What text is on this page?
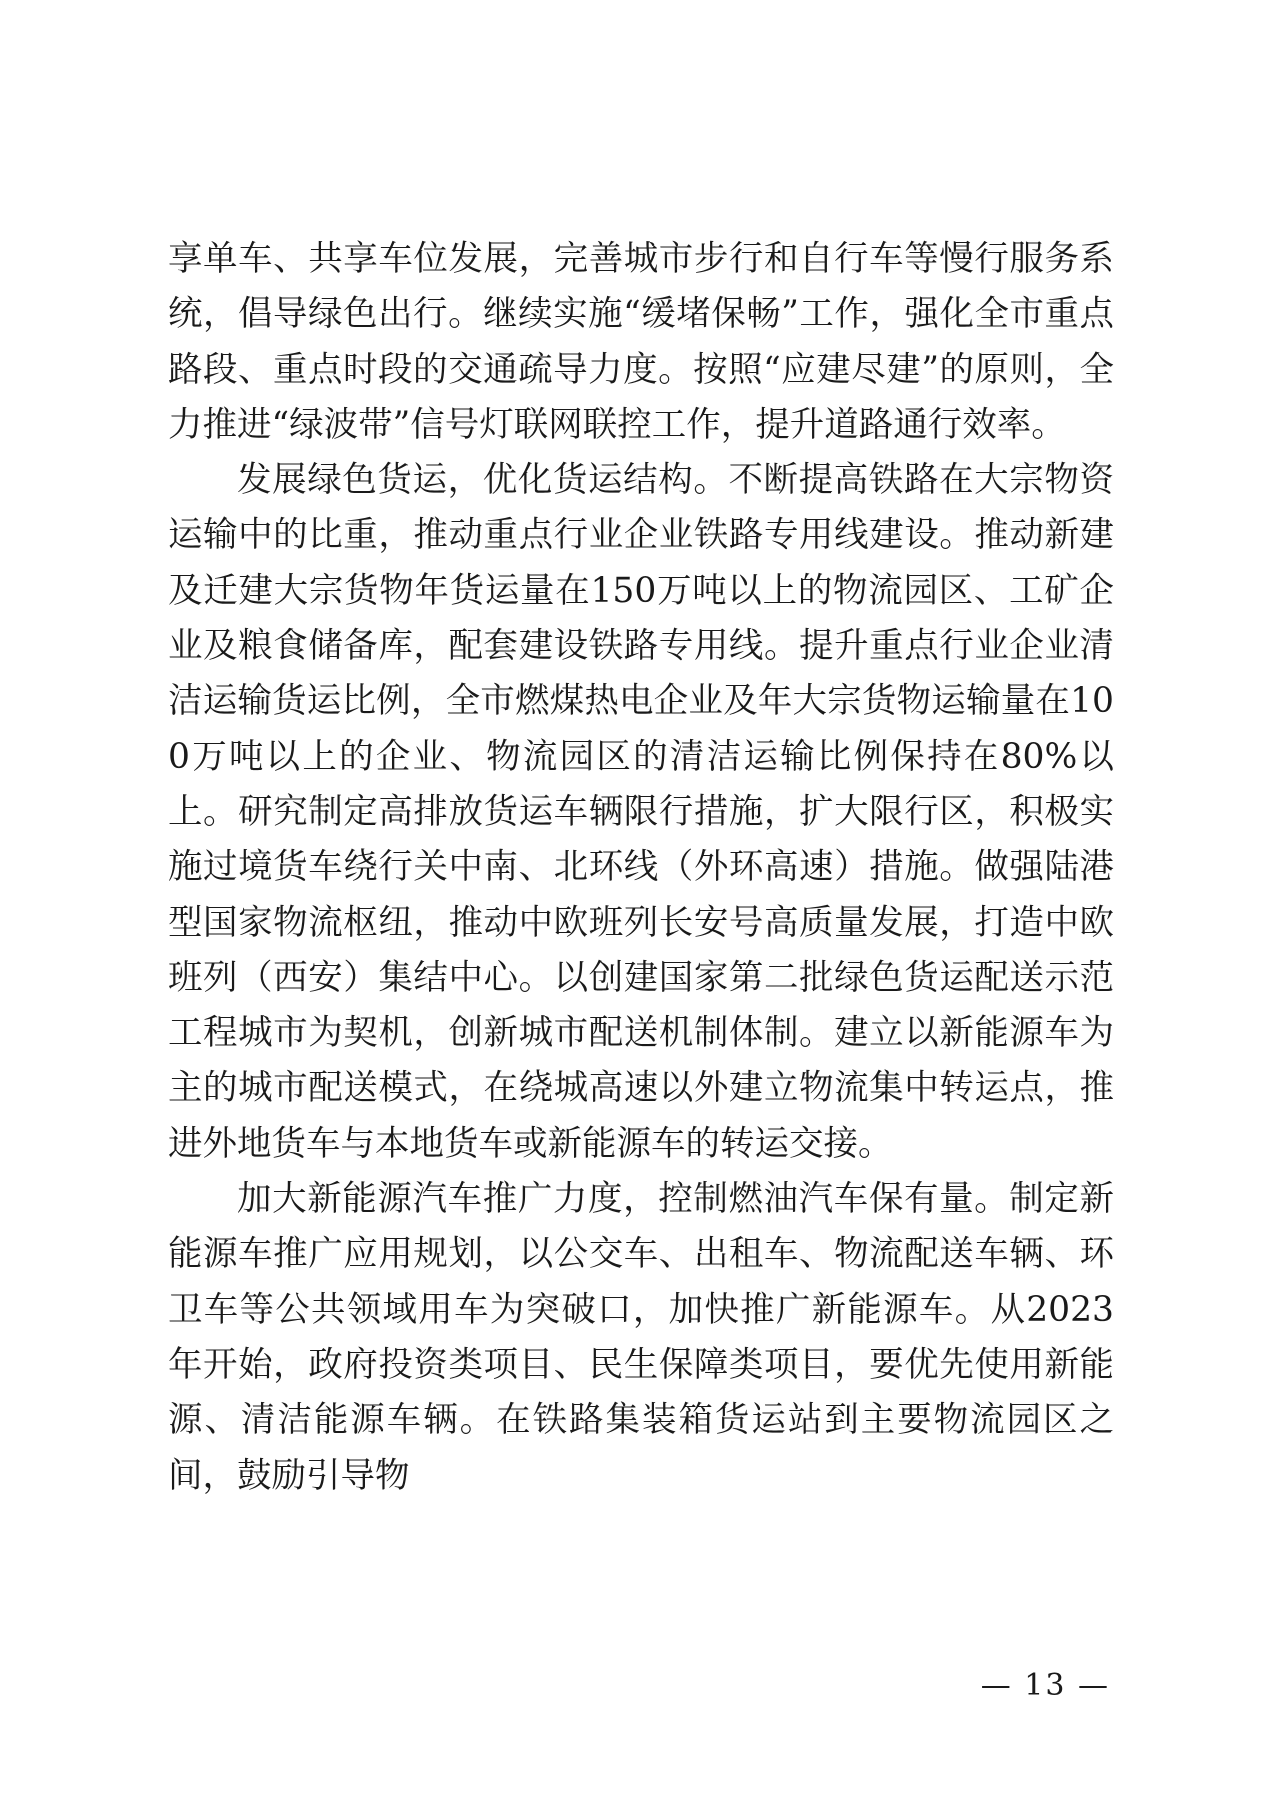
享单车、共享车位发展，完善城市步行和自行车等慢行服务系统，倡导绿色出行。继续实施“缓堵保畅”工作，强化全市重点路段、重点时段的交通疏导力度。按照“应建尽建”的原则，全力推进“绿波带”信号灯联网联控工作，提升道路通行效率。

发展绿色货运，优化货运结构。不断提高铁路在大宗物资运输中的比重，推动重点行业企业铁路专用线建设。推动新建及迁建大宗货物年货运量在150万吨以上的物流园区、工矿企业及粮食储备库，配套建设铁路专用线。提升重点行业企业清洁运输货运比例，全市燃煤热电企业及年大宗货物运输量在100万吨以上的企业、物流园区的清洁运输比例保持在80%以上。研究制定高排放货运车辆限行措施，扩大限行区，积极实施过境货车绕行关中南、北环线（外环高速）措施。做强陆港型国家物流枢纽，推动中欧班列长安号高质量发展，打造中欧班列（西安）集结中心。以创建国家第二批绿色货运配送示范工程城市为契机，创新城市配送机制体制。建立以新能源车为主的城市配送模式，在绕城高速以外建立物流集中转运点，推进外地货车与本地货车或新能源车的转运交接。

加大新能源汽车推广力度，控制燃油汽车保有量。制定新能源车推广应用规划，以公交车、出租车、物流配送车辆、环卫车等公共领域用车为突破口，加快推广新能源车。从2023年开始，政府投资类项目、民生保障类项目，要优先使用新能源、清洁能源车辆。在铁路集装箱货运站到主要物流园区之间，鼓励引导物

— 13 —
